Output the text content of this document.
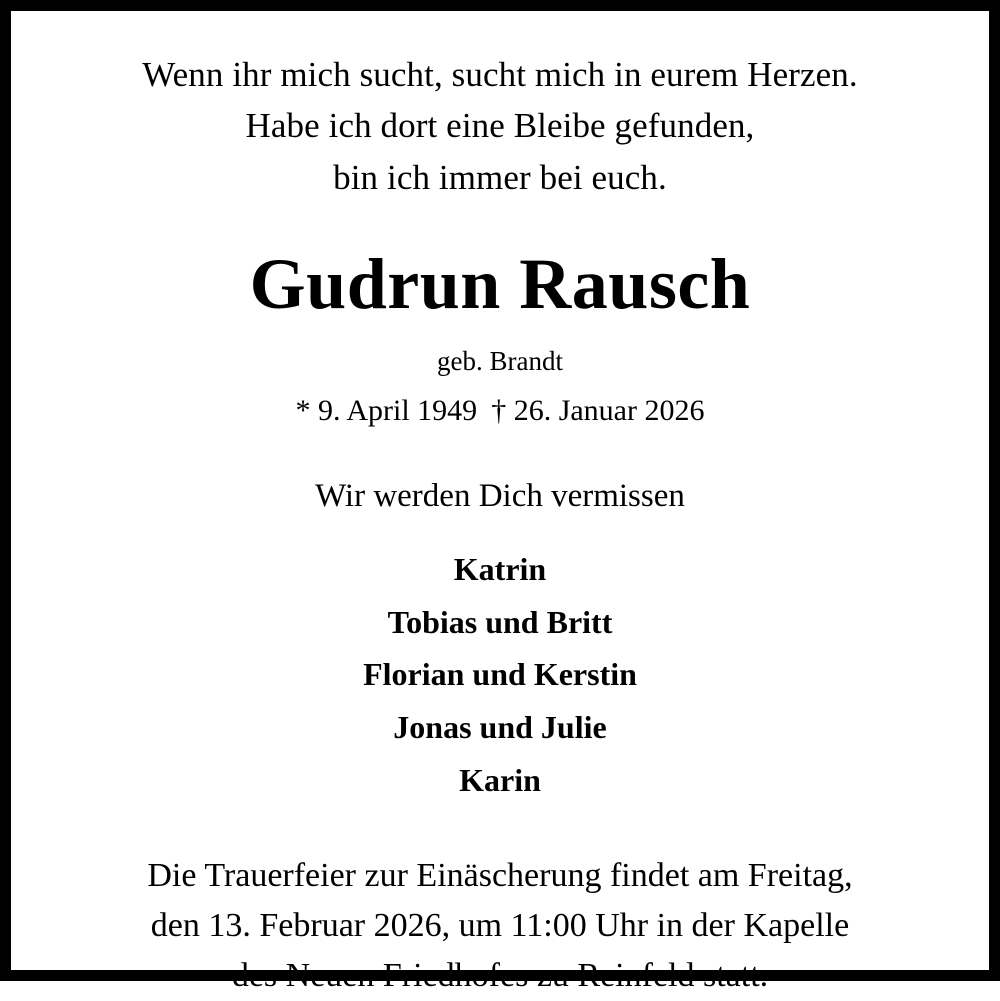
Wenn ihr mich sucht, sucht mich in eurem Herzen.
Habe ich dort eine Bleibe gefunden,
bin ich immer bei euch.
Gudrun Rausch
geb. Brandt
* 9. April 1949 † 26. Januar 2026
Wir werden Dich vermissen
Katrin
Tobias und Britt
Florian und Kerstin
Jonas und Julie
Karin
Die Trauerfeier zur Einäscherung findet am Freitag,
den 13. Februar 2026, um 11:00 Uhr in der Kapelle
des Neuen Friedhofes zu Reinfeld statt.
